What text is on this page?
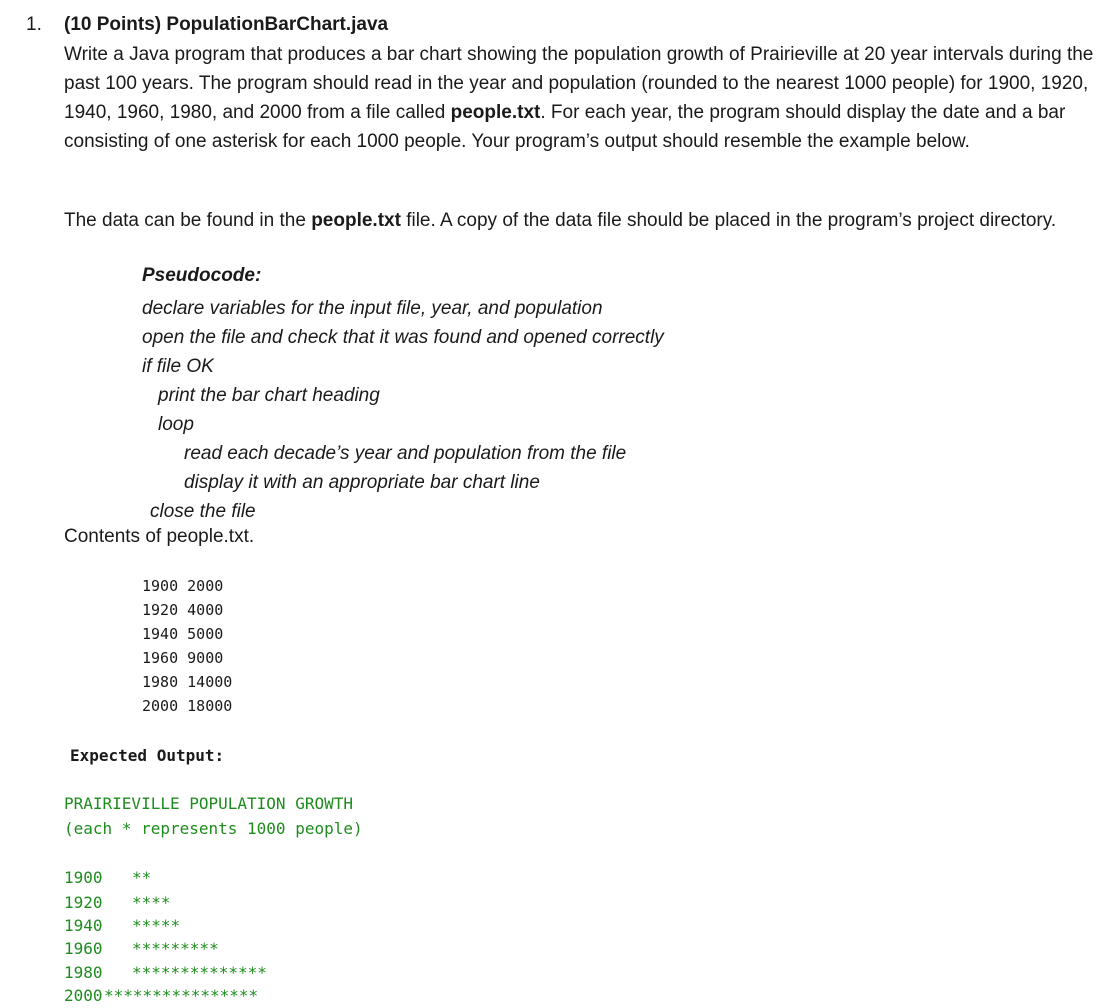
1. (10 Points) PopulationBarChart.java

Write a Java program that produces a bar chart showing the population growth of Prairieville at 20 year intervals during the past 100 years. The program should read in the year and population (rounded to the nearest 1000 people) for 1900, 1920, 1940, 1960, 1980, and 2000 from a file called people.txt. For each year, the program should display the date and a bar consisting of one asterisk for each 1000 people. Your program’s output should resemble the example below.

The data can be found in the people.txt file. A copy of the data file should be placed in the program’s project directory.

Pseudocode:
declare variables for the input file, year, and population
open the file and check that it was found and opened correctly
if file OK
print the bar chart heading
loop
read each decade’s year and population from the file
display it with an appropriate bar chart line
close the file
Contents of people.txt.
1900 2000
1920 4000
1940 5000
1960 9000
1980 14000
2000 18000
Expected Output:
PRAIRIEVILLE POPULATION GROWTH
(each * represents 1000 people)
1900 **
1920 ****
1940 *****
1960 *********
1980 **************
2000 ****************
